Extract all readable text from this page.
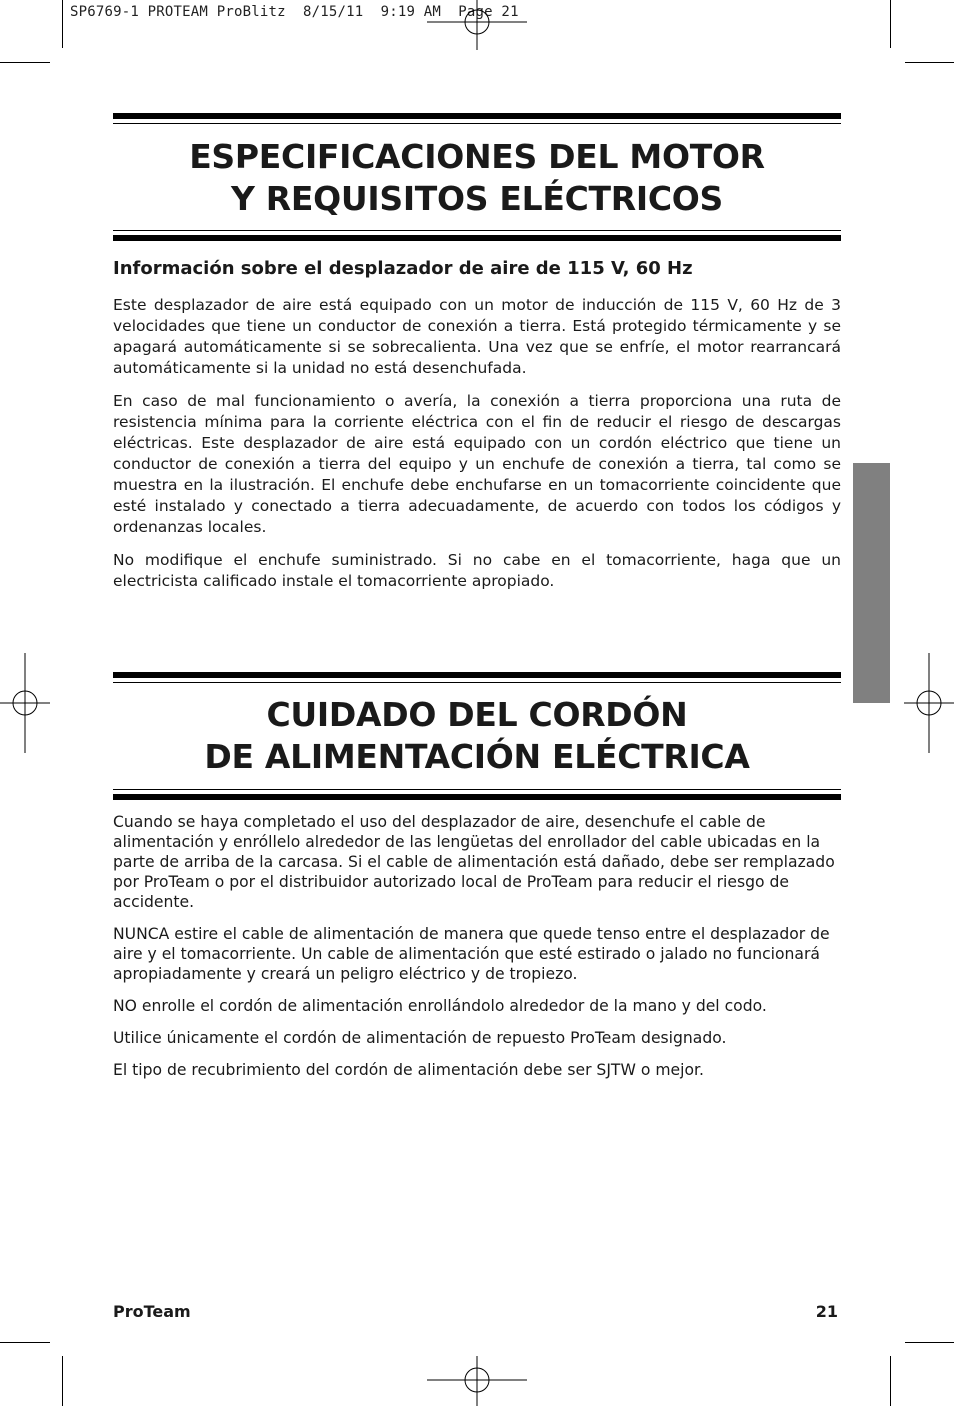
SP6769-1 PROTEAM ProBlitz  8/15/11  9:19 AM  Page 21
ESPECIFICACIONES DEL MOTOR
Y REQUISITOS ELÉCTRICOS
Información sobre el desplazador de aire de 115 V, 60 Hz

Este desplazador de aire está equipado con un motor de inducción de 115 V, 60 Hz de 3 velocidades que tiene un conductor de conexión a tierra. Está protegido térmicamente y se apagará automáticamente si se sobrecalienta. Una vez que se enfríe, el motor rearrancará automáticamente si la unidad no está desenchufada.

En caso de mal funcionamiento o avería, la conexión a tierra proporciona una ruta de resistencia mínima para la corriente eléctrica con el fin de reducir el riesgo de descargas eléctricas. Este desplazador de aire está equipado con un cordón eléctrico que tiene un conductor de conexión a tierra del equipo y un enchufe de conexión a tierra, tal como se muestra en la ilustración. El enchufe debe enchufarse en un tomacorriente coincidente que esté instalado y conectado a tierra adecuadamente, de acuerdo con todos los códigos y ordenanzas locales.

No modifique el enchufe suministrado. Si no cabe en el tomacorriente, haga que un electricista calificado instale el tomacorriente apropiado.

CUIDADO DEL CORDÓN
DE ALIMENTACIÓN ELÉCTRICA

Cuando se haya completado el uso del desplazador de aire, desenchufe el cable de alimentación y enróllelo alrededor de las lengüetas del enrollador del cable ubicadas en la parte de arriba de la carcasa. Si el cable de alimentación está dañado, debe ser remplazado por ProTeam o por el distribuidor autorizado local de ProTeam para reducir el riesgo de accidente.

NUNCA estire el cable de alimentación de manera que quede tenso entre el desplazador de aire y el tomacorriente. Un cable de alimentación que esté estirado o jalado no funcionará apropiadamente y creará un peligro eléctrico y de tropiezo.

NO enrolle el cordón de alimentación enrollándolo alrededor de la mano y del codo.

Utilice únicamente el cordón de alimentación de repuesto ProTeam designado.

El tipo de recubrimiento del cordón de alimentación debe ser SJTW o mejor.

ProTeam	21
